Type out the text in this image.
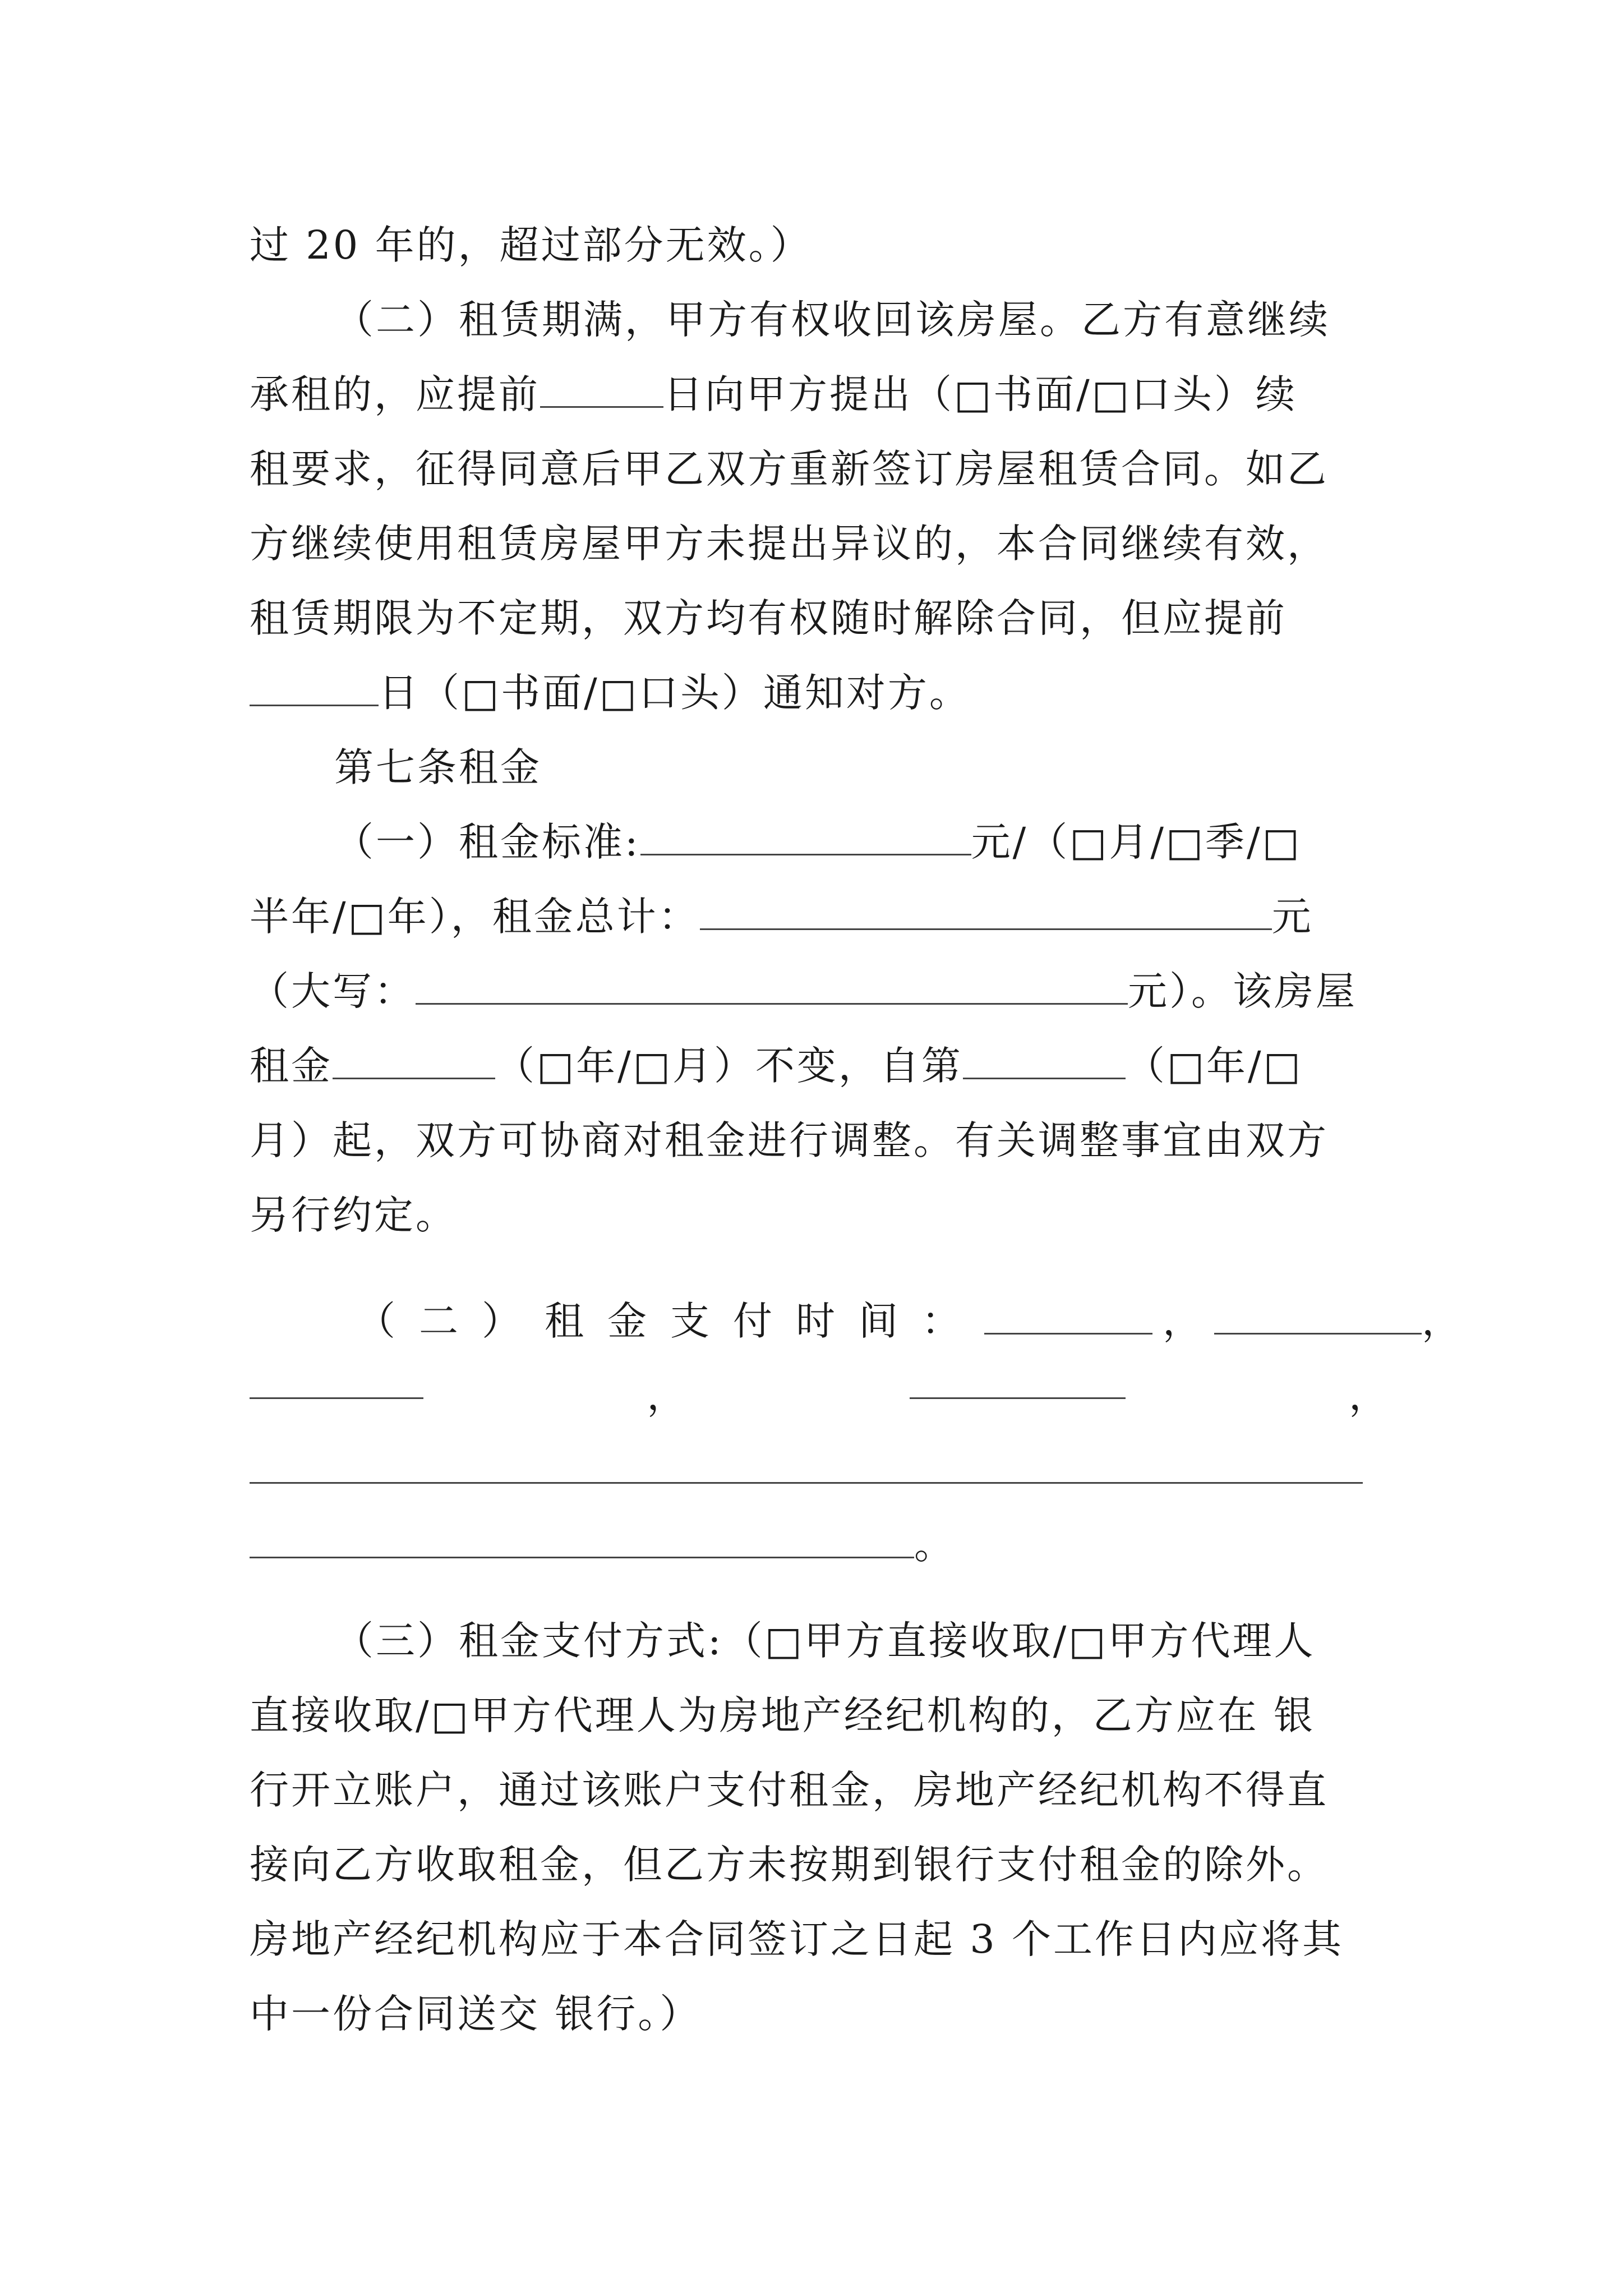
过 20 年的，超过部分无效。）
（二）租赁期满，甲方有权收回该房屋。乙方有意继续
承租的，应提前	日向甲方提出（□书面/□口头）续
租要求，征得同意后甲乙双方重新签订房屋租赁合同。如乙
方继续使用租赁房屋甲方未提出异议的，本合同继续有效，
租赁期限为不定期，双方均有权随时解除合同，但应提前
日（□书面/□口头）通知对方。
第七条租金
（一）租金标准:	元/（□月/□季/□
半年/□年），租金总计：	元
（大写：	元）。该房屋
租金	（□年/□月）不变，自第	（□年/□
月）起，双方可协商对租金进行调整。有关调整事宜由双方
另行约定。
（二）租金支付时间：	，	，
，	，
。
（三）租金支付方式:（□甲方直接收取/□甲方代理人
直接收取/□甲方代理人为房地产经纪机构的，乙方应在 银
行开立账户，通过该账户支付租金，房地产经纪机构不得直
接向乙方收取租金，但乙方未按期到银行支付租金的除外。
房地产经纪机构应于本合同签订之日起 3 个工作日内应将其
中一份合同送交 银行。）
